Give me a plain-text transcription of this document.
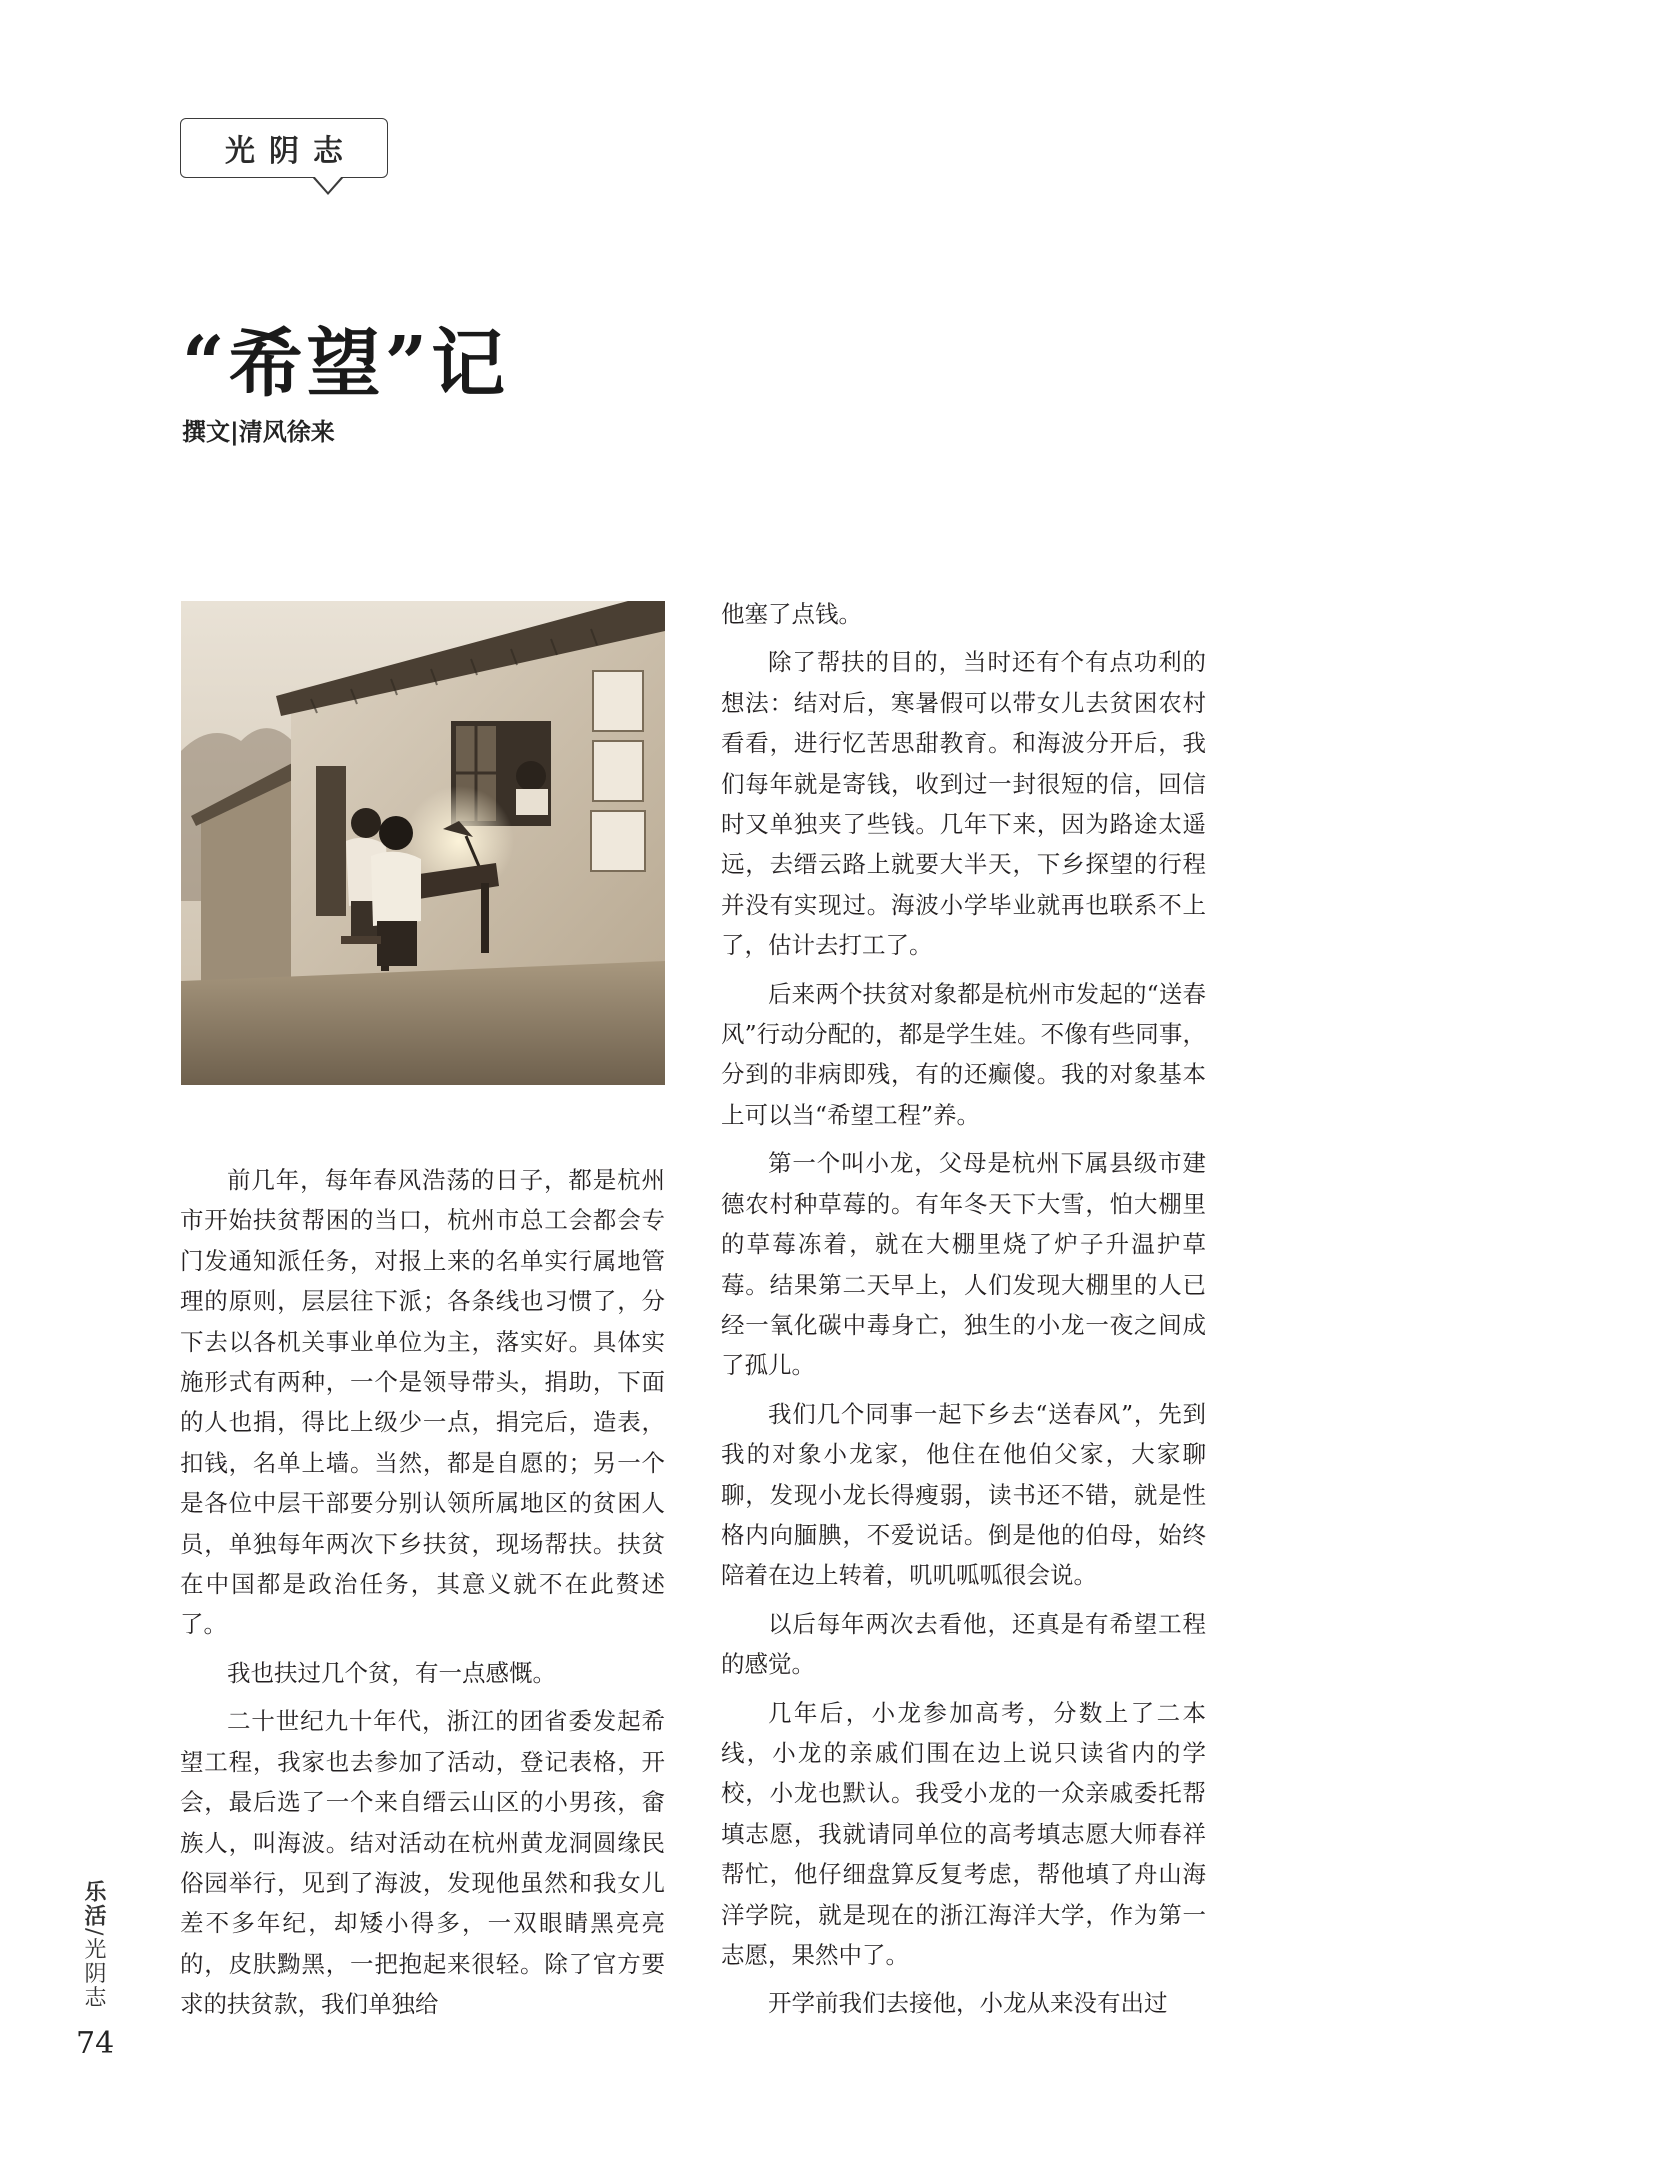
光阴志
“希望”记
撰文|清风徐来

前几年，每年春风浩荡的日子，都是杭州市开始扶贫帮困的当口，杭州市总工会都会专门发通知派任务，对报上来的名单实行属地管理的原则，层层往下派；各条线也习惯了，分下去以各机关事业单位为主，落实好。具体实施形式有两种，一个是领导带头，捐助，下面的人也捐，得比上级少一点，捐完后，造表，扣钱，名单上墙。当然，都是自愿的；另一个是各位中层干部要分别认领所属地区的贫困人员，单独每年两次下乡扶贫，现场帮扶。扶贫在中国都是政治任务，其意义就不在此赘述了。

我也扶过几个贫，有一点感慨。

二十世纪九十年代，浙江的团省委发起希望工程，我家也去参加了活动，登记表格，开会，最后选了一个来自缙云山区的小男孩，畲族人，叫海波。结对活动在杭州黄龙洞圆缘民俗园举行，见到了海波，发现他虽然和我女儿差不多年纪，却矮小得多，一双眼睛黑亮亮的，皮肤黝黑，一把抱起来很轻。除了官方要求的扶贫款，我们单独给

他塞了点钱。

除了帮扶的目的，当时还有个有点功利的想法：结对后，寒暑假可以带女儿去贫困农村看看，进行忆苦思甜教育。和海波分开后，我们每年就是寄钱，收到过一封很短的信，回信时又单独夹了些钱。几年下来，因为路途太遥远，去缙云路上就要大半天，下乡探望的行程并没有实现过。海波小学毕业就再也联系不上了，估计去打工了。

后来两个扶贫对象都是杭州市发起的“送春风”行动分配的，都是学生娃。不像有些同事，分到的非病即残，有的还癫傻。我的对象基本上可以当“希望工程”养。

第一个叫小龙，父母是杭州下属县级市建德农村种草莓的。有年冬天下大雪，怕大棚里的草莓冻着，就在大棚里烧了炉子升温护草莓。结果第二天早上，人们发现大棚里的人已经一氧化碳中毒身亡，独生的小龙一夜之间成了孤儿。

我们几个同事一起下乡去“送春风”，先到我的对象小龙家，他住在他伯父家，大家聊聊，发现小龙长得瘦弱，读书还不错，就是性格内向腼腆，不爱说话。倒是他的伯母，始终陪着在边上转着，叽叽呱呱很会说。

以后每年两次去看他，还真是有希望工程的感觉。

几年后，小龙参加高考，分数上了二本线，小龙的亲戚们围在边上说只读省内的学校，小龙也默认。我受小龙的一众亲戚委托帮填志愿，我就请同单位的高考填志愿大师春祥帮忙，他仔细盘算反复考虑，帮他填了舟山海洋学院，就是现在的浙江海洋大学，作为第一志愿，果然中了。

开学前我们去接他，小龙从来没有出过

乐活/光阴志
74
